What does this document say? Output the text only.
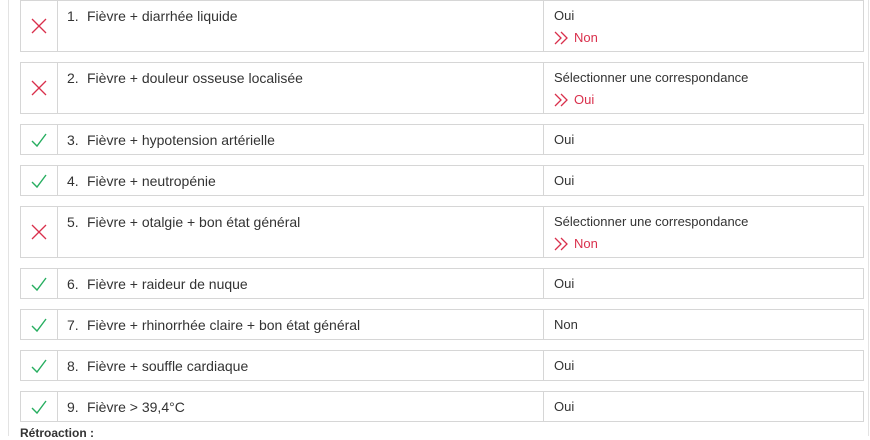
1. Fièvre + diarrhée liquide	Oui
Non
2. Fièvre + douleur osseuse localisée	Sélectionner une correspondance
Oui
3. Fièvre + hypotension artérielle	Oui
4. Fièvre + neutropénie	Oui
5. Fièvre + otalgie + bon état général	Sélectionner une correspondance
Non
6. Fièvre + raideur de nuque	Oui
7. Fièvre + rhinorrhée claire + bon état général	Non
8. Fièvre + souffle cardiaque	Oui
9. Fièvre > 39,4°C	Oui
Rétroaction :
